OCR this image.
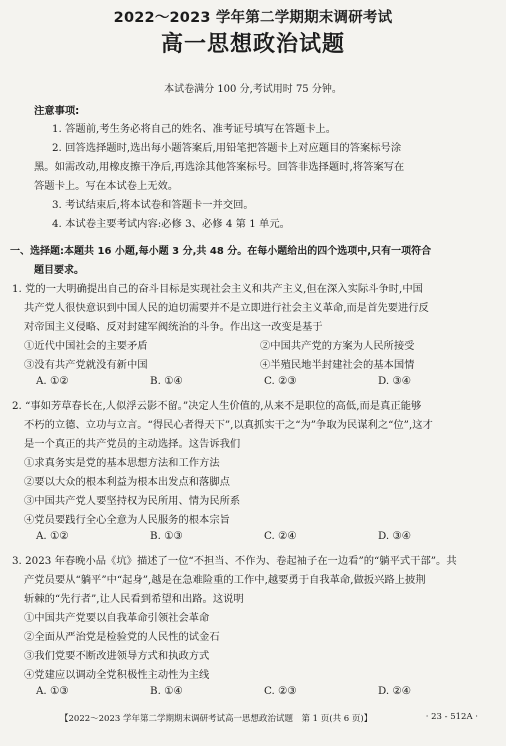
2022～2023 学年第二学期期末调研考试
高一思想政治试题
本试卷满分 100 分,考试用时 75 分钟。
注意事项:
1. 答题前,考生务必将自己的姓名、准考证号填写在答题卡上。
2. 回答选择题时,选出每小题答案后,用铅笔把答题卡上对应题目的答案标号涂
黑。如需改动,用橡皮擦干净后,再选涂其他答案标号。回答非选择题时,将答案写在
答题卡上。写在本试卷上无效。
3. 考试结束后,将本试卷和答题卡一并交回。
4. 本试卷主要考试内容:必修 3、必修 4 第 1 单元。
一、选择题:本题共 16 小题,每小题 3 分,共 48 分。在每小题给出的四个选项中,只有一项符合
题目要求。
1. 党的一大明确提出自己的奋斗目标是实现社会主义和共产主义,但在深入实际斗争时,中国
共产党人很快意识到中国人民的迫切需要并不是立即进行社会主义革命,而是首先要进行反
对帝国主义侵略、反对封建军阀统治的斗争。作出这一改变是基于
①近代中国社会的主要矛盾	②中国共产党的方案为人民所接受
③没有共产党就没有新中国	④半殖民地半封建社会的基本国情
A. ①②	B. ①④	C. ②③	D. ③④
2. “事如芳草春长在,人似浮云影不留。”决定人生价值的,从来不是职位的高低,而是真正能够
不朽的立德、立功与立言。“得民心者得天下”,以真抓实干之“为”争取为民谋利之“位”,这才
是一个真正的共产党员的主动选择。这告诉我们
①求真务实是党的基本思想方法和工作方法
②要以大众的根本利益为根本出发点和落脚点
③中国共产党人要坚持权为民所用、情为民所系
④党员要践行全心全意为人民服务的根本宗旨
A. ①②	B. ①③	C. ②④	D. ③④
3. 2023 年春晚小品《坑》描述了一位“不担当、不作为、卷起袖子在一边看”的“躺平式干部”。共
产党员要从“躺平”中“起身”,越是在急难险重的工作中,越要勇于自我革命,做扳兴路上披荆
斩棘的“先行者”,让人民看到希望和出路。这说明
①中国共产党要以自我革命引领社会革命
②全面从严治党是检验党的人民性的试金石
③我们党要不断改进领导方式和执政方式
④党建应以调动全党积极性主动性为主线
A. ①③	B. ①④	C. ②③	D. ②④
【2022～2023 学年第二学期期末调研考试高一思想政治试题　第 1 页(共 6 页)】	· 23 - 512A ·
